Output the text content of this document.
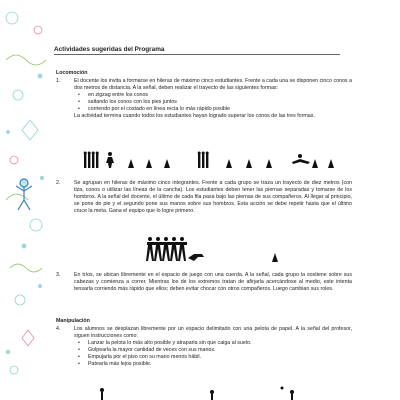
Actividades sugeridas del Programa
Locomoción
1.	El docente los invita a formarse en hileras de máximo cinco estudiantes. Frente a cada una se disponen cinco conos a dos metros de distancia. A la señal, deben realizar el trayecto de las siguientes formas:

• en zigzag entre los conos
• saltando los conos con los pies juntos
• corriendo por el costado en línea recta lo más rápido posible

La actividad termina cuando todos los estudiantes hayan logrado superar los conos de las tres formas.

2.	Se agrupan en hileras de máximo cinco integrantes. Frente a cada grupo se traza un trayecto de diez metros (con tiza, conos o utilizar las líneas de la cancha). Los estudiantes deben tener las piernas separadas y tomarse de los hombros. A la señal del docente, el último de cada fila pasa bajo las piernas de sus compañeros. Al llegar al principio, se pone de pie y el segundo pone sus manos sobre sus hombros. Esta acción se debe repetir hasta que el último cruce la meta. Gana el equipo que lo logre primero.

3.	En tríos, se ubican libremente en el espacio de juego con una cuerda. A la señal, cada grupo la sostiene sobre sus cabezas y comienza a correr. Mientras los de los extremos tratan de afirjarla acercándose al medio, este intenta tensarla corriendo más rápido que ellos; deben evitar chocar con otros compañeros. Luego cambian sus roles.

Manipulación
4.	Los alumnos se desplazan libremente por un espacio delimitado con una pelota de papel. A la señal del profesor, siguen instrucciones como:

• Lanzar la pelota lo más alto posible y atraparla sin que caiga al suelo.
• Golpearla la mayor cantidad de veces con sus manos.
• Empujarla por el piso con su mano menos hábil.
• Patearla más lejos posible.
